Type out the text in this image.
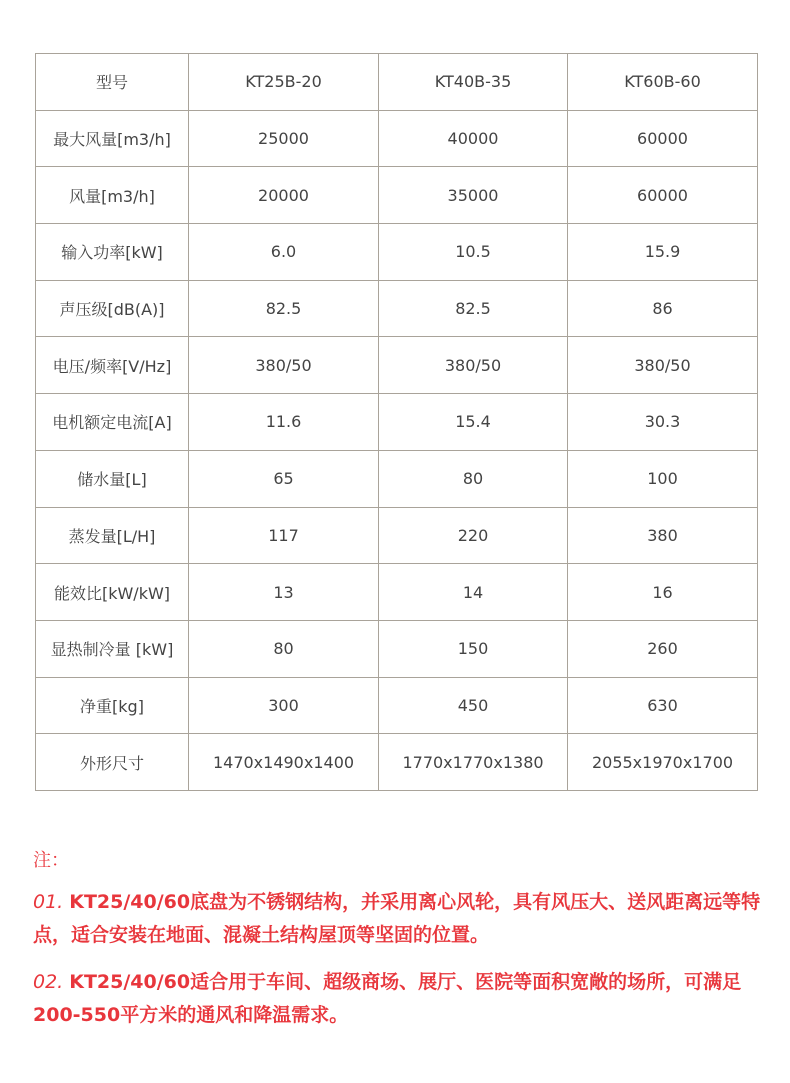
型号	KT25B-20	KT40B-35	KT60B-60
最大风量[m3/h]	25000	40000	60000
风量[m3/h]	20000	35000	60000
输入功率[kW]	6.0	10.5	15.9
声压级[dB(A)]	82.5	82.5	86
电压/频率[V/Hz]	380/50	380/50	380/50
电机额定电流[A]	11.6	15.4	30.3
储水量[L]	65	80	100
蒸发量[L/H]	117	220	380
能效比[kW/kW]	13	14	16
显热制冷量 [kW]	80	150	260
净重[kg]	300	450	630
外形尺寸	1470x1490x1400	1770x1770x1380	2055x1970x1700
注：
01. KT25/40/60底盘为不锈钢结构，并采用离心风轮，具有风压大、送风距离远等特点，适合安装在地面、混凝土结构屋顶等坚固的位置。
02. KT25/40/60适合用于车间、超级商场、展厅、医院等面积宽敞的场所，可满足200-550平方米的通风和降温需求。
